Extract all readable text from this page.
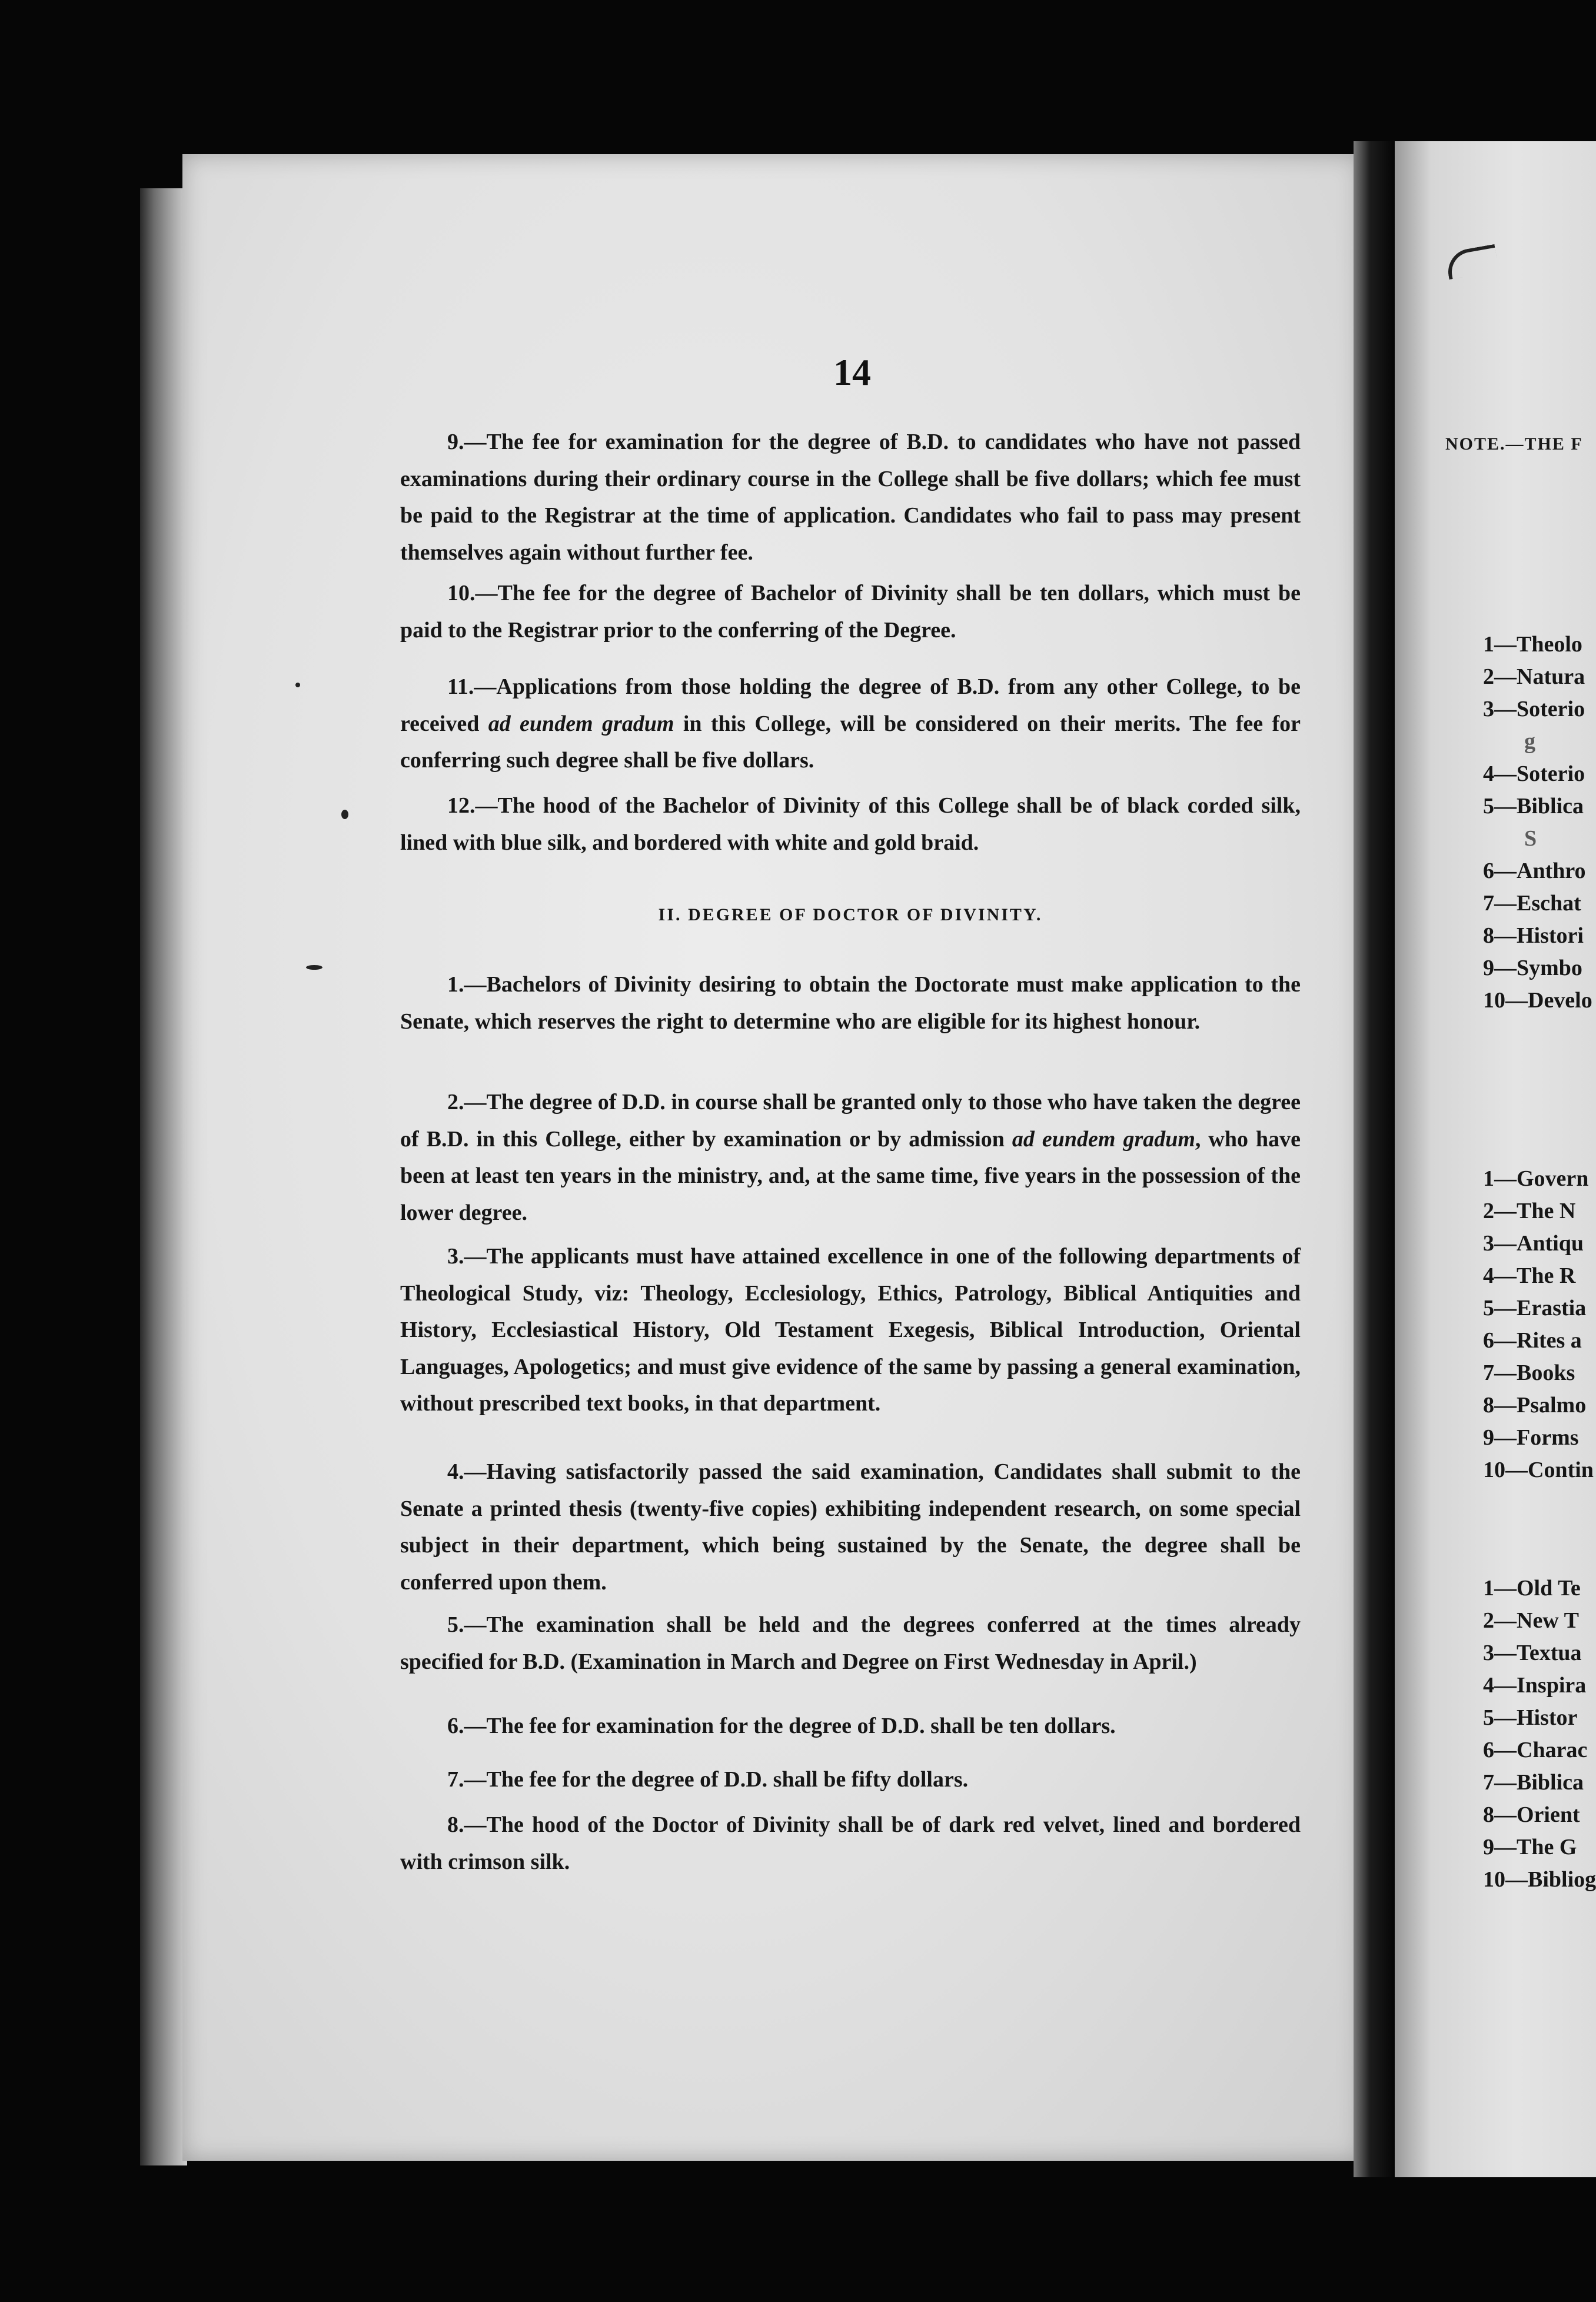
14

9.—The fee for examination for the degree of B.D. to candidates who have not passed examinations during their ordinary course in the College shall be five dollars; which fee must be paid to the Registrar at the time of application. Candidates who fail to pass may present themselves again without further fee.

10.—The fee for the degree of Bachelor of Divinity shall be ten dollars, which must be paid to the Registrar prior to the conferring of the Degree.

11.—Applications from those holding the degree of B.D. from any other College, to be received ad eundem gradum in this College, will be considered on their merits. The fee for conferring such degree shall be five dollars.

12.—The hood of the Bachelor of Divinity of this College shall be of black corded silk, lined with blue silk, and bordered with white and gold braid.

II. DEGREE OF DOCTOR OF DIVINITY.

1.—Bachelors of Divinity desiring to obtain the Doctorate must make application to the Senate, which reserves the right to determine who are eligible for its highest honour.

2.—The degree of D.D. in course shall be granted only to those who have taken the degree of B.D. in this College, either by examination or by admission ad eundem gradum, who have been at least ten years in the ministry, and, at the same time, five years in the possession of the lower degree.

3.—The applicants must have attained excellence in one of the following departments of Theological Study, viz: Theology, Ecclesiology, Ethics, Patrology, Biblical Antiquities and History, Ecclesiastical History, Old Testament Exegesis, Biblical Introduction, Oriental Languages, Apologetics; and must give evidence of the same by passing a general examination, without prescribed text books, in that department.

4.—Having satisfactorily passed the said examination, Candidates shall submit to the Senate a printed thesis (twenty-five copies) exhibiting independent research, on some special subject in their department, which being sustained by the Senate, the degree shall be conferred upon them.

5.—The examination shall be held and the degrees conferred at the times already specified for B.D. (Examination in March and Degree on First Wednesday in April.)

6.—The fee for examination for the degree of D.D. shall be ten dollars.

7.—The fee for the degree of D.D. shall be fifty dollars.

8.—The hood of the Doctor of Divinity shall be of dark red velvet, lined and bordered with crimson silk.

NOTE.—THE F
1—Theolo
2—Natura
3—Soterio
g
4—Soterio
5—Biblica
S
6—Anthro
7—Eschat
8—Histori
9—Symbo
10—Develo
1—Govern
2—The N
3—Antiqu
4—The R
5—Erastia
6—Rites a
7—Books
8—Psalmo
9—Forms
10—Contin
1—Old Te
2—New T
3—Textua
4—Inspira
5—Histor
6—Charac
7—Biblica
8—Orient
9—The G
10—Bibliog
